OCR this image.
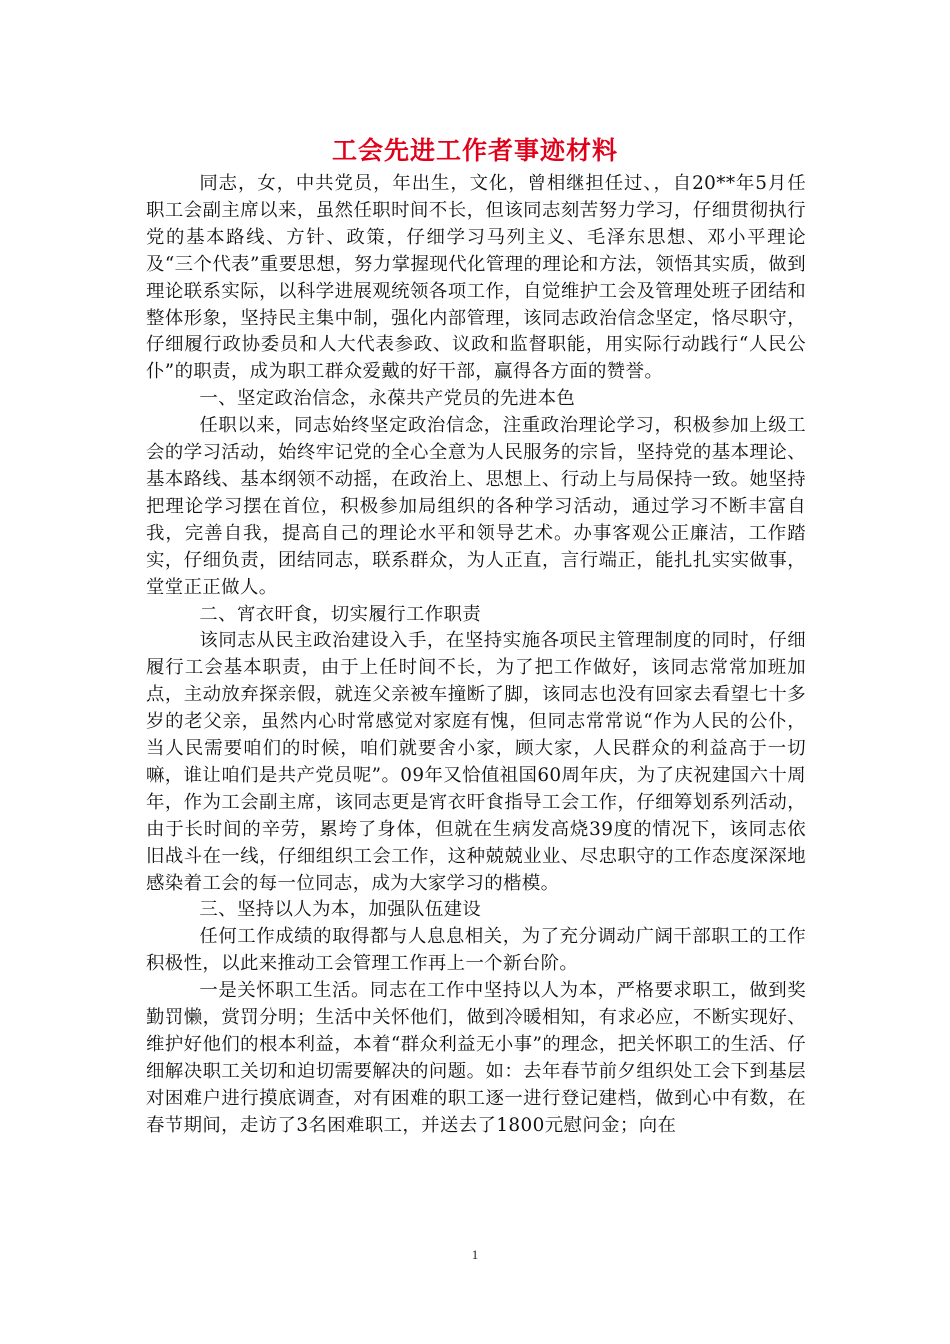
工会先进工作者事迹材料

同志，女，中共党员，年出生，文化，曾相继担任过、，自20**年5月任职工会副主席以来，虽然任职时间不长，但该同志刻苦努力学习，仔细贯彻执行党的基本路线、方针、政策，仔细学习马列主义、毛泽东思想、邓小平理论及“三个代表”重要思想，努力掌握现代化管理的理论和方法，领悟其实质，做到理论联系实际，以科学进展观统领各项工作，自觉维护工会及管理处班子团结和整体形象，坚持民主集中制，强化内部管理，该同志政治信念坚定，恪尽职守，仔细履行政协委员和人大代表参政、议政和监督职能，用实际行动践行“人民公仆”的职责，成为职工群众爱戴的好干部，赢得各方面的赞誉。

一、坚定政治信念，永葆共产党员的先进本色

任职以来，同志始终坚定政治信念，注重政治理论学习，积极参加上级工会的学习活动，始终牢记党的全心全意为人民服务的宗旨，坚持党的基本理论、基本路线、基本纲领不动摇，在政治上、思想上、行动上与局保持一致。她坚持把理论学习摆在首位，积极参加局组织的各种学习活动，通过学习不断丰富自我，完善自我，提高自己的理论水平和领导艺术。办事客观公正廉洁，工作踏实，仔细负责，团结同志，联系群众，为人正直，言行端正，能扎扎实实做事，堂堂正正做人。

二、宵衣旰食，切实履行工作职责

该同志从民主政治建设入手，在坚持实施各项民主管理制度的同时，仔细履行工会基本职责，由于上任时间不长，为了把工作做好，该同志常常加班加点，主动放弃探亲假，就连父亲被车撞断了脚，该同志也没有回家去看望七十多岁的老父亲，虽然内心时常感觉对家庭有愧，但同志常常说“作为人民的公仆，当人民需要咱们的时候，咱们就要舍小家，顾大家，人民群众的利益高于一切嘛，谁让咱们是共产党员呢”。09年又恰值祖国60周年庆，为了庆祝建国六十周年，作为工会副主席，该同志更是宵衣旰食指导工会工作，仔细筹划系列活动，由于长时间的辛劳，累垮了身体，但就在生病发高烧39度的情况下，该同志依旧战斗在一线，仔细组织工会工作，这种兢兢业业、尽忠职守的工作态度深深地感染着工会的每一位同志，成为大家学习的楷模。

三、坚持以人为本，加强队伍建设

任何工作成绩的取得都与人息息相关，为了充分调动广阔干部职工的工作积极性，以此来推动工会管理工作再上一个新台阶。

一是关怀职工生活。同志在工作中坚持以人为本，严格要求职工，做到奖勤罚懒，赏罚分明；生活中关怀他们，做到冷暖相知，有求必应，不断实现好、维护好他们的根本利益，本着“群众利益无小事”的理念，把关怀职工的生活、仔细解决职工关切和迫切需要解决的问题。如：去年春节前夕组织处工会下到基层对困难户进行摸底调查，对有困难的职工逐一进行登记建档，做到心中有数，在春节期间，走访了3名困难职工，并送去了1800元慰问金；向在

1
